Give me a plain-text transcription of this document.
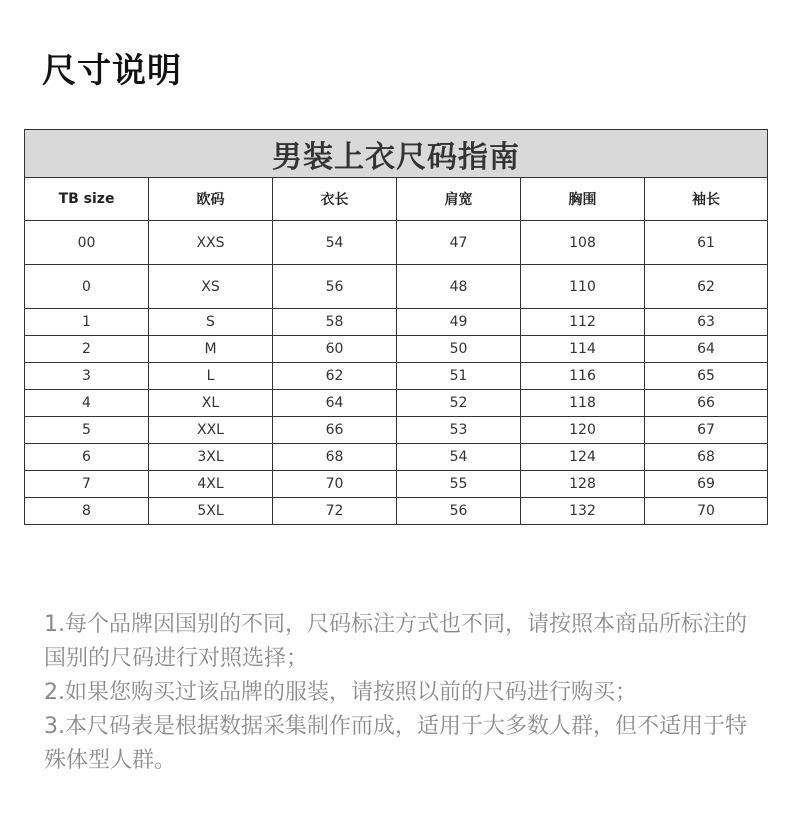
尺寸说明
男装上衣尺码指南					
TB size	欧码	衣长	肩宽	胸围	袖长
00	XXS	54	47	108	61
0	XS	56	48	110	62
1	S	58	49	112	63
2	M	60	50	114	64
3	L	62	51	116	65
4	XL	64	52	118	66
5	XXL	66	53	120	67
6	3XL	68	54	124	68
7	4XL	70	55	128	69
8	5XL	72	56	132	70

1.每个品牌因国别的不同，尺码标注方式也不同，请按照本商品所标注的国别的尺码进行对照选择；

2.如果您购买过该品牌的服装，请按照以前的尺码进行购买；

3.本尺码表是根据数据采集制作而成，适用于大多数人群，但不适用于特殊体型人群。
